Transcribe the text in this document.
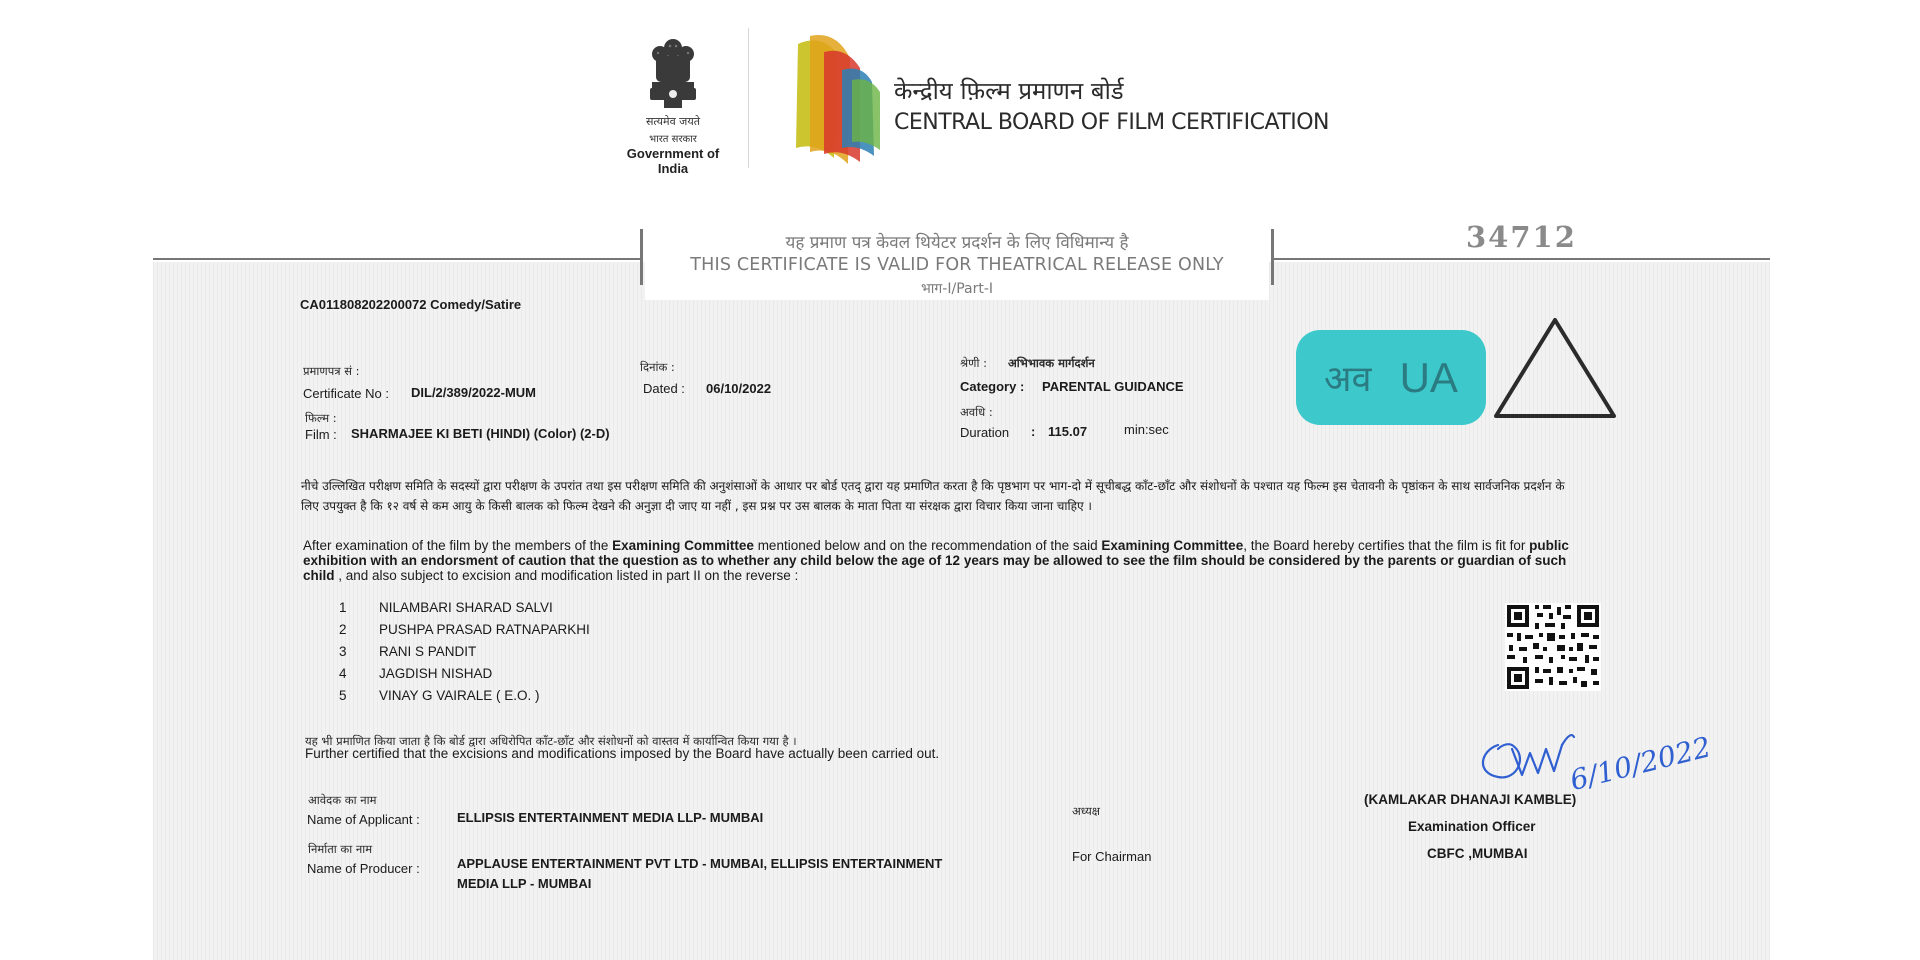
सत्यमेव जयते
भारत सरकार
Government of India
केन्द्रीय फ़िल्म प्रमाणन बोर्ड
CENTRAL BOARD OF FILM CERTIFICATION
यह प्रमाण पत्र केवल थियेटर प्रदर्शन के लिए विधिमान्य है
THIS CERTIFICATE IS VALID FOR THEATRICAL RELEASE ONLY
भाग-I/Part-I
34712
CA011808202200072 Comedy/Satire
प्रमाणपत्र सं :
Certificate No : DIL/2/389/2022-MUM
दिनांक :
Dated : 06/10/2022
श्रेणी : अभिभावक मार्गदर्शन
Category : PARENTAL GUIDANCE
फिल्म :
Film : SHARMAJEE KI BETI (HINDI) (Color) (2-D)
अवधि :
Duration : 115.07	min:sec
अव UA
नीचे उल्लिखित परीक्षण समिति के सदस्यों द्वारा परीक्षण के उपरांत तथा इस परीक्षण समिति की अनुशंसाओं के आधार पर बोर्ड एतद् द्वारा यह प्रमाणित करता है कि पृष्ठभाग पर भाग-दो में सूचीबद्ध काँट-छाँट और संशोधनों के पश्चात यह फिल्म इस चेतावनी के पृष्ठांकन के साथ सार्वजनिक प्रदर्शन के लिए उपयुक्त है कि १२ वर्ष से कम आयु के किसी बालक को फिल्म देखने की अनुज्ञा दी जाए या नहीं , इस प्रश्न पर उस बालक के माता पिता या संरक्षक द्वारा विचार किया जाना चाहिए ।
After examination of the film by the members of the Examining Committee mentioned below and on the recommendation of the said Examining Committee, the Board hereby certifies that the film is fit for public exhibition with an endorsment of caution that the question as to whether any child below the age of 12 years may be allowed to see the film should be considered by the parents or guardian of such child , and also subject to excision and modification listed in part II on the reverse :
1 NILAMBARI SHARAD SALVI
2 PUSHPA PRASAD RATNAPARKHI
3 RANI S PANDIT
4 JAGDISH NISHAD
5 VINAY G VAIRALE ( E.O. )
यह भी प्रमाणित किया जाता है कि बोर्ड द्वारा अधिरोपित काँट-छाँट और संशोधनों को वास्तव में कार्यान्वित किया गया है ।
Further certified that the excisions and modifications imposed by the Board have actually been carried out.
आवेदक का नाम
Name of Applicant :	ELLIPSIS ENTERTAINMENT MEDIA LLP- MUMBAI
निर्माता का नाम
Name of Producer :	APPLAUSE ENTERTAINMENT PVT LTD - MUMBAI, ELLIPSIS ENTERTAINMENT
MEDIA LLP - MUMBAI
अध्यक्ष
For Chairman
6/10/2022
(KAMLAKAR DHANAJI KAMBLE)
Examination Officer
CBFC ,MUMBAI
